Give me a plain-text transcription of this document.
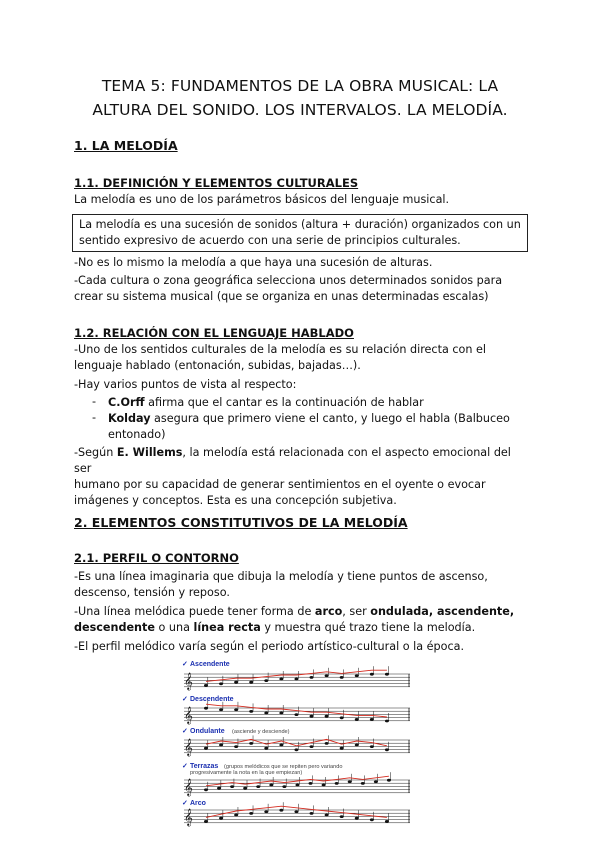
TEMA 5: FUNDAMENTOS DE LA OBRA MUSICAL: LA
ALTURA DEL SONIDO. LOS INTERVALOS. LA MELODÍA.
1. LA MELODÍA
1.1. DEFINICIÓN Y ELEMENTOS CULTURALES
La melodía es uno de los parámetros básicos del lenguaje musical.
La melodía es una sucesión de sonidos (altura + duración) organizados con un
sentido expresivo de acuerdo con una serie de principios culturales.
-No es lo mismo la melodía a que haya una sucesión de alturas.
-Cada cultura o zona geográfica selecciona unos determinados sonidos para
crear su sistema musical (que se organiza en unas determinadas escalas)
1.2. RELACIÓN CON EL LENGUAJE HABLADO
-Uno de los sentidos culturales de la melodía es su relación directa con el
lenguaje hablado (entonación, subidas, bajadas…).
-Hay varios puntos de vista al respecto:
- C.Orff afirma que el cantar es la continuación de hablar
- Kolday asegura que primero viene el canto, y luego el habla (Balbuceo
entonado)
-Según E. Willems, la melodía está relacionada con el aspecto emocional del ser
humano por su capacidad de generar sentimientos en el oyente o evocar
imágenes y conceptos. Esta es una concepción subjetiva.
2. ELEMENTOS CONSTITUTIVOS DE LA MELODÍA
2.1. PERFIL O CONTORNO
-Es una línea imaginaria que dibuja la melodía y tiene puntos de ascenso,
descenso, tensión y reposo.
-Una línea melódica puede tener forma de arco, ser ondulada, ascendente,
descendente o una línea recta y muestra qué trazo tiene la melodía.
-El perfil melódico varía según el periodo artístico-cultural o la época.
✓ Ascendente
✓ Descendente
✓ Ondulante
✓ Terrazas
✓ Arco
(asciende y desciende)
(grupos melódicos que se repiten pero variando
progresivamente la nota en la que empiezan)
𝄞
𝄞
𝄞
𝄞
𝄞
